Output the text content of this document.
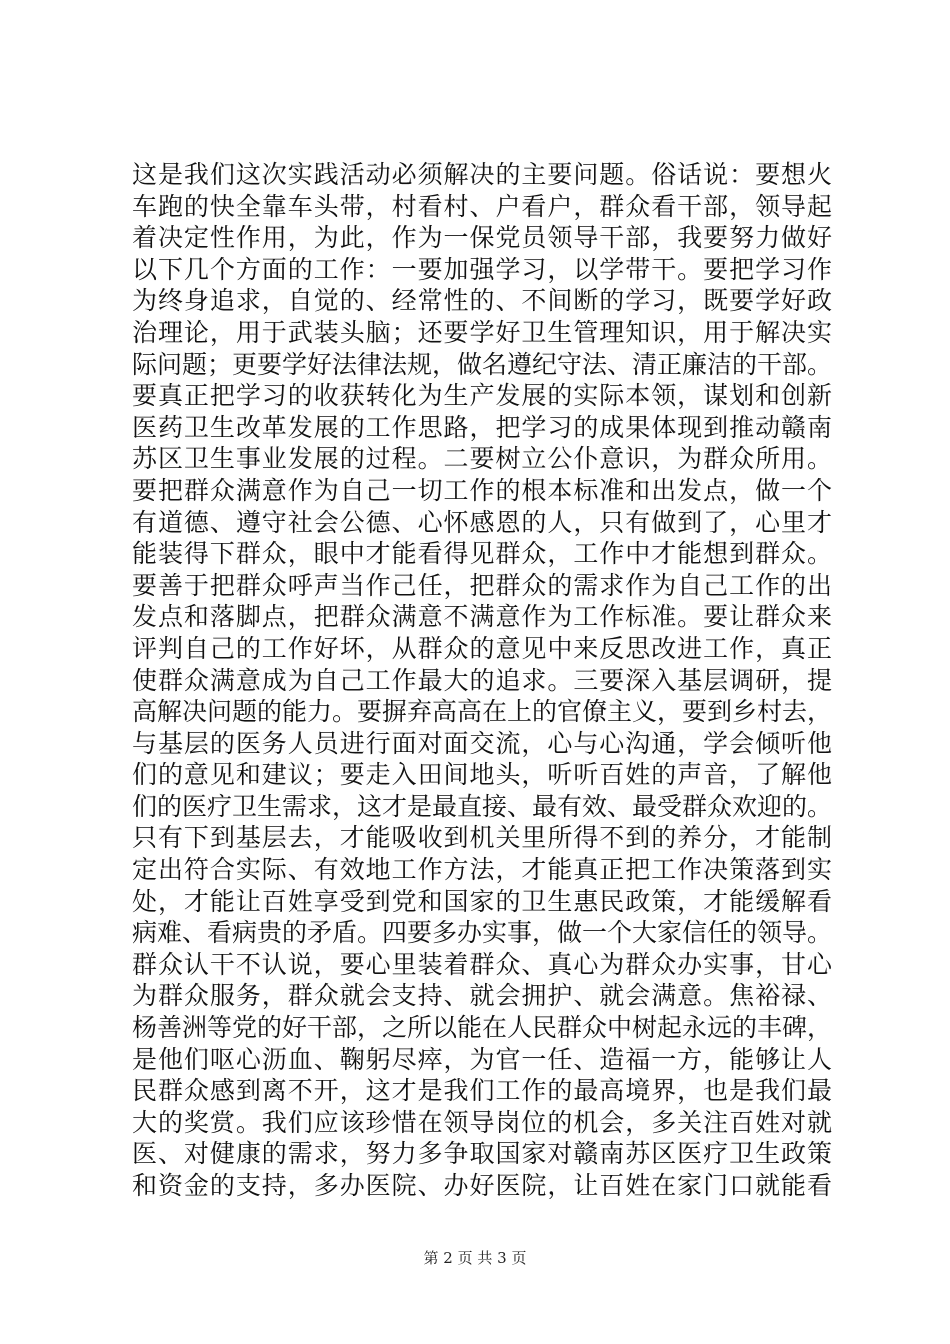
这是我们这次实践活动必须解决的主要问题。俗话说：要想火
车跑的快全靠车头带，村看村、户看户，群众看干部，领导起
着决定性作用，为此，作为一保党员领导干部，我要努力做好
以下几个方面的工作：一要加强学习，以学带干。要把学习作
为终身追求，自觉的、经常性的、不间断的学习，既要学好政
治理论，用于武装头脑；还要学好卫生管理知识，用于解决实
际问题；更要学好法律法规，做名遵纪守法、清正廉洁的干部。
要真正把学习的收获转化为生产发展的实际本领，谋划和创新
医药卫生改革发展的工作思路，把学习的成果体现到推动赣南
苏区卫生事业发展的过程。二要树立公仆意识，为群众所用。
要把群众满意作为自己一切工作的根本标准和出发点，做一个
有道德、遵守社会公德、心怀感恩的人，只有做到了，心里才
能装得下群众，眼中才能看得见群众，工作中才能想到群众。
要善于把群众呼声当作己任，把群众的需求作为自己工作的出
发点和落脚点，把群众满意不满意作为工作标准。要让群众来
评判自己的工作好坏，从群众的意见中来反思改进工作，真正
使群众满意成为自己工作最大的追求。三要深入基层调研，提
高解决问题的能力。要摒弃高高在上的官僚主义，要到乡村去，
与基层的医务人员进行面对面交流，心与心沟通，学会倾听他
们的意见和建议；要走入田间地头，听听百姓的声音，了解他
们的医疗卫生需求，这才是最直接、最有效、最受群众欢迎的。
只有下到基层去，才能吸收到机关里所得不到的养分，才能制
定出符合实际、有效地工作方法，才能真正把工作决策落到实
处，才能让百姓享受到党和国家的卫生惠民政策，才能缓解看
病难、看病贵的矛盾。四要多办实事，做一个大家信任的领导。
群众认干不认说，要心里装着群众、真心为群众办实事，甘心
为群众服务，群众就会支持、就会拥护、就会满意。焦裕禄、
杨善洲等党的好干部，之所以能在人民群众中树起永远的丰碑，
是他们呕心沥血、鞠躬尽瘁，为官一任、造福一方，能够让人
民群众感到离不开，这才是我们工作的最高境界，也是我们最
大的奖赏。我们应该珍惜在领导岗位的机会，多关注百姓对就
医、对健康的需求，努力多争取国家对赣南苏区医疗卫生政策
和资金的支持，多办医院、办好医院，让百姓在家门口就能看
第 2 页 共 3 页
